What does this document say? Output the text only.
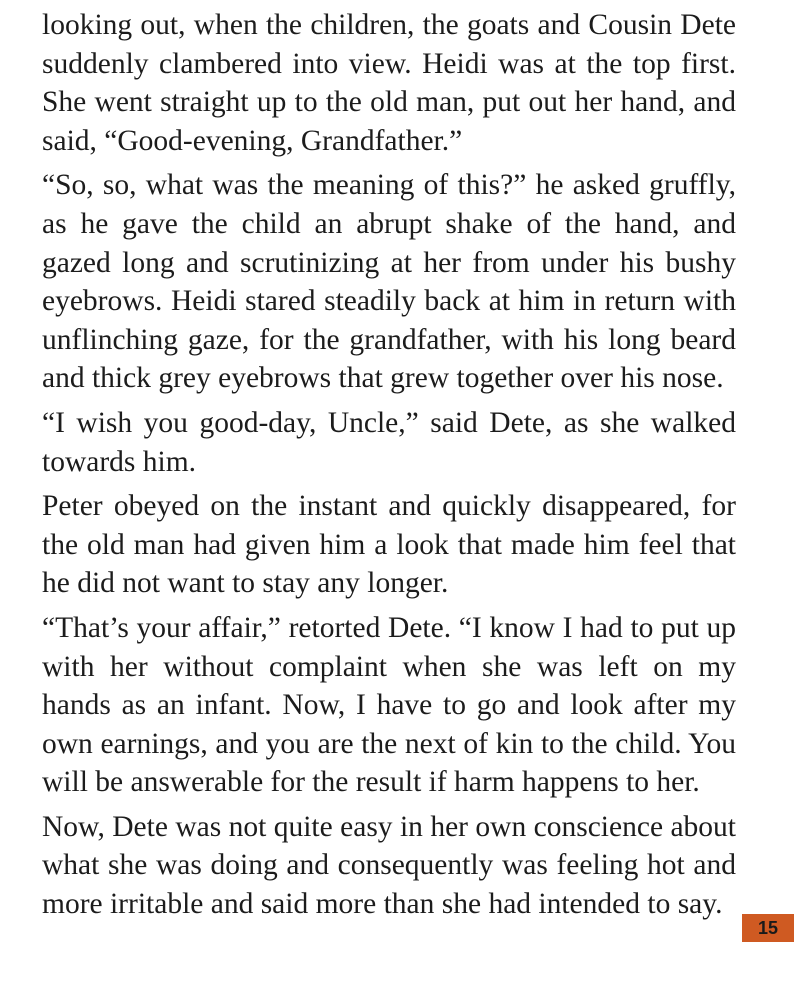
looking out, when the children, the goats and Cousin Dete suddenly clambered into view. Heidi was at the top first. She went straight up to the old man, put out her hand, and said, “Good-evening, Grandfather.”

“So, so, what was the meaning of this?” he asked gruffly, as he gave the child an abrupt shake of the hand, and gazed long and scrutinizing at her from under his bushy eyebrows. Heidi stared steadily back at him in return with unflinching gaze, for the grandfather, with his long beard and thick grey eyebrows that grew together over his nose.

“I wish you good-day, Uncle,” said Dete, as she walked towards him.

Peter obeyed on the instant and quickly disappeared, for the old man had given him a look that made him feel that he did not want to stay any longer.

“That’s your affair,” retorted Dete. “I know I had to put up with her without complaint when she was left on my hands as an infant. Now, I have to go and look after my own earnings, and you are the next of kin to the child. You will be answerable for the result if harm happens to her.

Now, Dete was not quite easy in her own conscience about what she was doing and consequently was feeling hot and more irritable and said more than she had intended to say.

15
